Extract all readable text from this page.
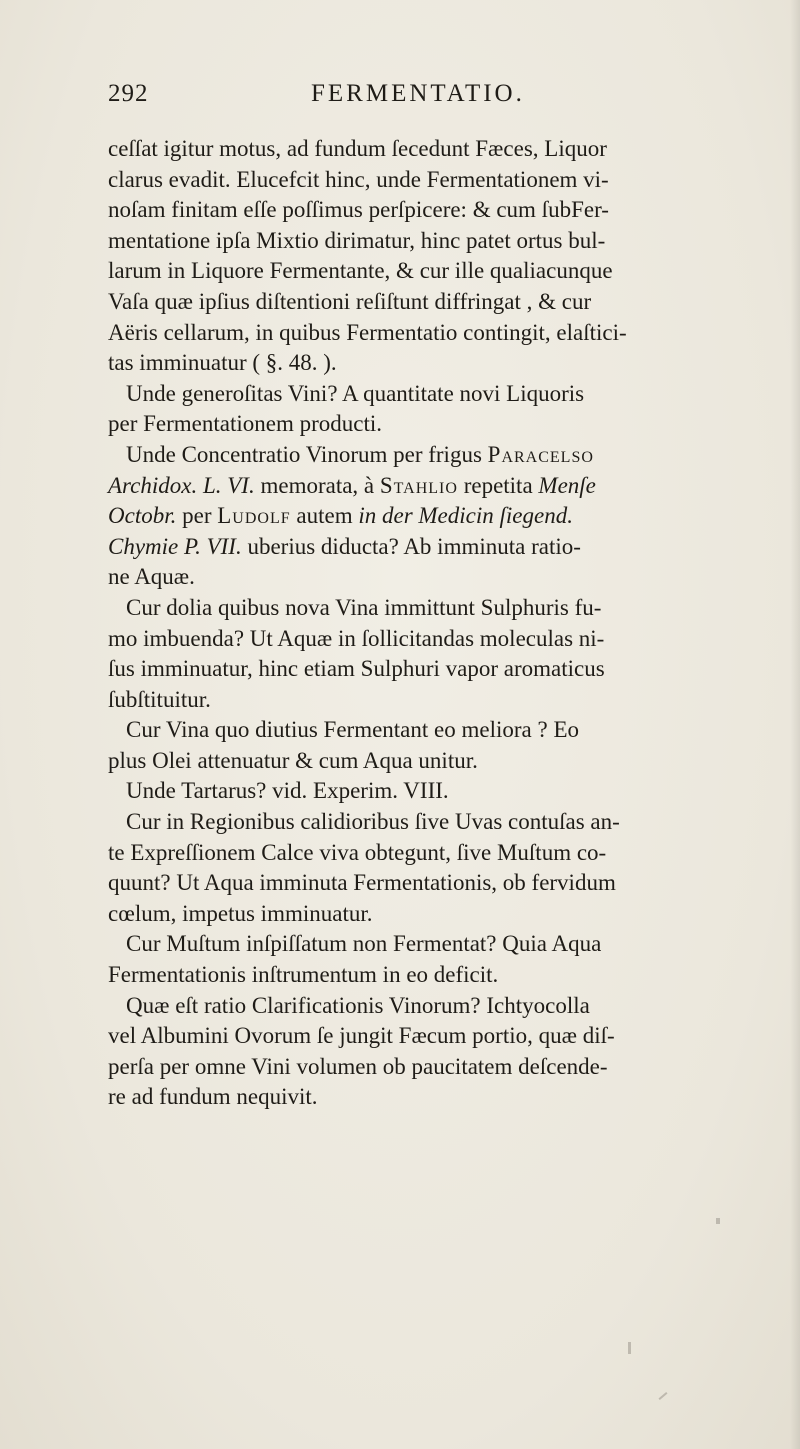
292	FERMENTATIO.
ceſſat igitur motus, ad fundum ſecedunt Fæces, Liquor
clarus evadit. Elucefcit hinc, unde Fermentationem vi-
noſam finitam eſſe poſſimus perſpicere: & cum ſubFer-
mentatione ipſa Mixtio dirimatur, hinc patet ortus bul-
larum in Liquore Fermentante, & cur ille qualiacunque
Vaſa quæ ipſius diſtentioni reſiſtunt diffringat , & cur
Aëris cellarum, in quibus Fermentatio contingit, elaſtici-
tas imminuatur ( §. 48. ).
Unde generoſitas Vini? A quantitate novi Liquoris
per Fermentationem producti.
Unde Concentratio Vinorum per frigus Paracelso
Archidox. L. VI. memorata, à Stahlio repetita Menſe
Octobr. per Ludolf autem in der Medicin ſiegend.
Chymie P. VII. uberius diducta? Ab imminuta ratio-
ne Aquæ.
Cur dolia quibus nova Vina immittunt Sulphuris fu-
mo imbuenda? Ut Aquæ in ſollicitandas moleculas ni-
ſus imminuatur, hinc etiam Sulphuri vapor aromaticus
ſubſtituitur.
Cur Vina quo diutius Fermentant eo meliora ? Eo
plus Olei attenuatur & cum Aqua unitur.
Unde Tartarus? vid. Experim. VIII.
Cur in Regionibus calidioribus ſive Uvas contuſas an-
te Expreſſionem Calce viva obtegunt, ſive Muſtum co-
quunt? Ut Aqua imminuta Fermentationis, ob fervidum
cœlum, impetus imminuatur.
Cur Muſtum inſpiſſatum non Fermentat? Quia Aqua
Fermentationis inſtrumentum in eo deficit.
Quæ eſt ratio Clarificationis Vinorum? Ichtyocolla
vel Albumini Ovorum ſe jungit Fæcum portio, quæ diſ-
perſa per omne Vini volumen ob paucitatem deſcende-
re ad fundum nequivit.
